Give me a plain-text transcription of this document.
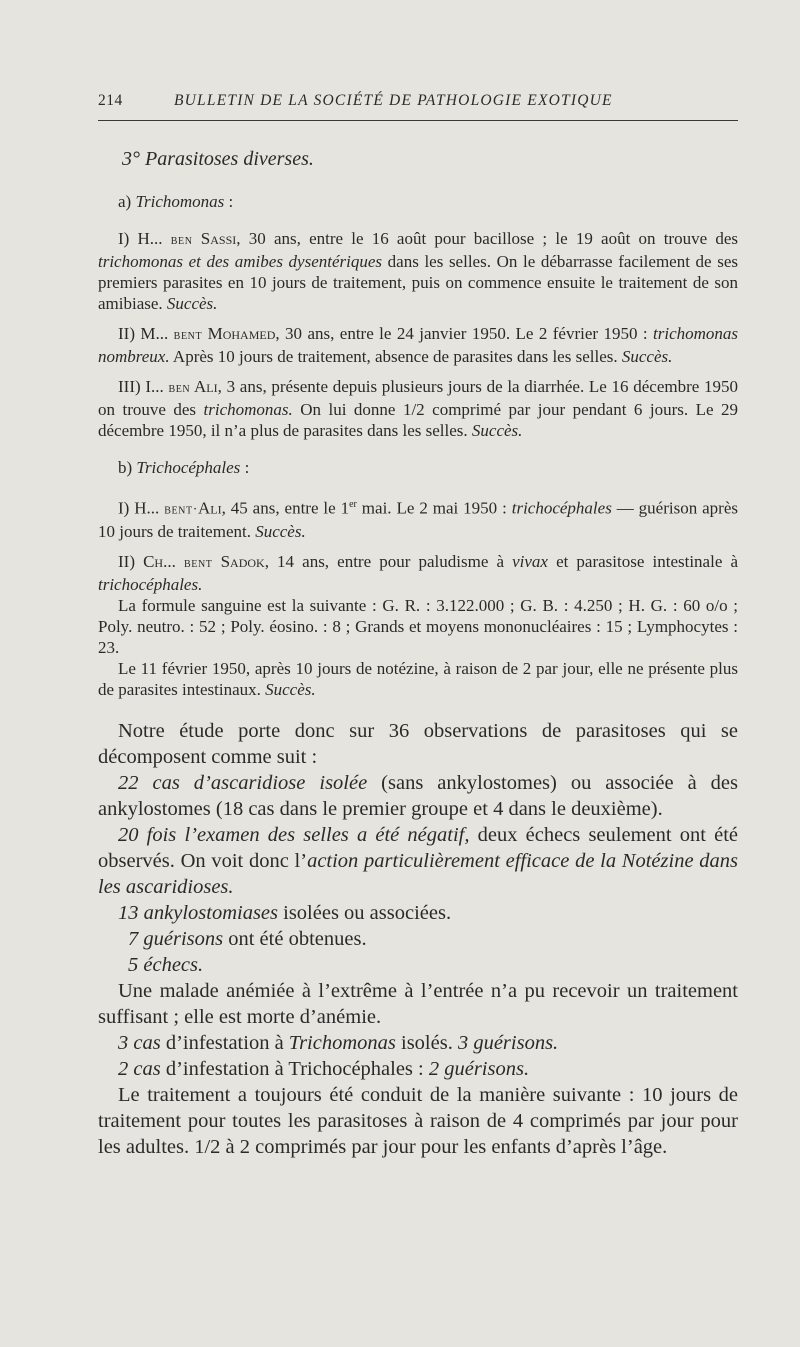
214	BULLETIN DE LA SOCIÉTÉ DE PATHOLOGIE EXOTIQUE

3° Parasitoses diverses.

a) Trichomonas :

I) H... ben Sassi, 30 ans, entre le 16 août pour bacillose ; le 19 août on trouve des trichomonas et des amibes dysentériques dans les selles. On le débarrasse facilement de ses premiers parasites en 10 jours de traitement, puis on commence ensuite le traitement de son amibiase. Succès.

II) M... bent Mohamed, 30 ans, entre le 24 janvier 1950. Le 2 février 1950 : trichomonas nombreux. Après 10 jours de traitement, absence de parasites dans les selles. Succès.

III) I... ben Ali, 3 ans, présente depuis plusieurs jours de la diarrhée. Le 16 décembre 1950 on trouve des trichomonas. On lui donne 1/2 comprimé par jour pendant 6 jours. Le 29 décembre 1950, il n’a plus de parasites dans les selles. Succès.

b) Trichocéphales :

I) H... bent·Ali, 45 ans, entre le 1er mai. Le 2 mai 1950 : trichocéphales — guérison après 10 jours de traitement. Succès.

II) Ch... bent Sadok, 14 ans, entre pour paludisme à vivax et parasitose intestinale à trichocéphales.

La formule sanguine est la suivante : G. R. : 3.122.000 ; G. B. : 4.250 ; H. G. : 60 o/o ; Poly. neutro. : 52 ; Poly. éosino. : 8 ; Grands et moyens mononucléaires : 15 ; Lymphocytes : 23.

Le 11 février 1950, après 10 jours de notézine, à raison de 2 par jour, elle ne présente plus de parasites intestinaux. Succès.

Notre étude porte donc sur 36 observations de parasitoses qui se décomposent comme suit :

22 cas d’ascaridiose isolée (sans ankylostomes) ou associée à des ankylostomes (18 cas dans le premier groupe et 4 dans le deuxième).

20 fois l’examen des selles a été négatif, deux échecs seulement ont été observés. On voit donc l’action particulièrement efficace de la Notézine dans les ascaridioses.

13 ankylostomiases isolées ou associées.

7 guérisons ont été obtenues.

5 échecs.

Une malade anémiée à l’extrême à l’entrée n’a pu recevoir un traitement suffisant ; elle est morte d’anémie.

3 cas d’infestation à Trichomonas isolés. 3 guérisons.

2 cas d’infestation à Trichocéphales : 2 guérisons.

Le traitement a toujours été conduit de la manière suivante : 10 jours de traitement pour toutes les parasitoses à raison de 4 comprimés par jour pour les adultes. 1/2 à 2 comprimés par jour pour les enfants d’après l’âge.
